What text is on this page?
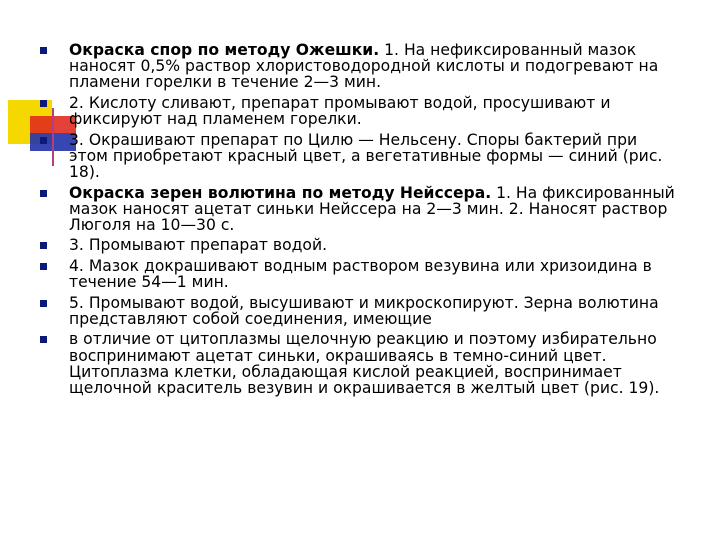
Окраска спор по методу Ожешки. 1. На нефиксированный мазок наносят 0,5% раствор хлористоводородной кислоты и подогревают на пламени горелки в течение 2—3 мин.
2. Кислоту сливают, препарат промывают водой, просушивают и фиксируют над пламенем горелки.
3. Окрашивают препарат по Цилю — Нельсену. Споры бактерий при этом приобретают красный цвет, а вегетативные формы — синий (рис. 18).
Окраска зерен волютина по методу Нейссера. 1. На фиксированный мазок наносят ацетат синьки Нейссера на 2—3 мин. 2. Наносят раствор Люголя на 10—30 с.
3. Промывают препарат водой.
4. Мазок докрашивают водным раствором везувина или хризоидина в течение 54—1 мин.
5. Промывают водой, высушивают и микроскопируют. Зерна волютина представляют собой соединения, имеющие
в отличие от цитоплазмы щелочную реакцию и поэтому избирательно воспринимают ацетат синьки, окрашиваясь в темно-синий цвет. Цитоплазма клетки, обладающая кислой реакцией, воспринимает щелочной краситель везувин и окрашивается в желтый цвет (рис. 19).
